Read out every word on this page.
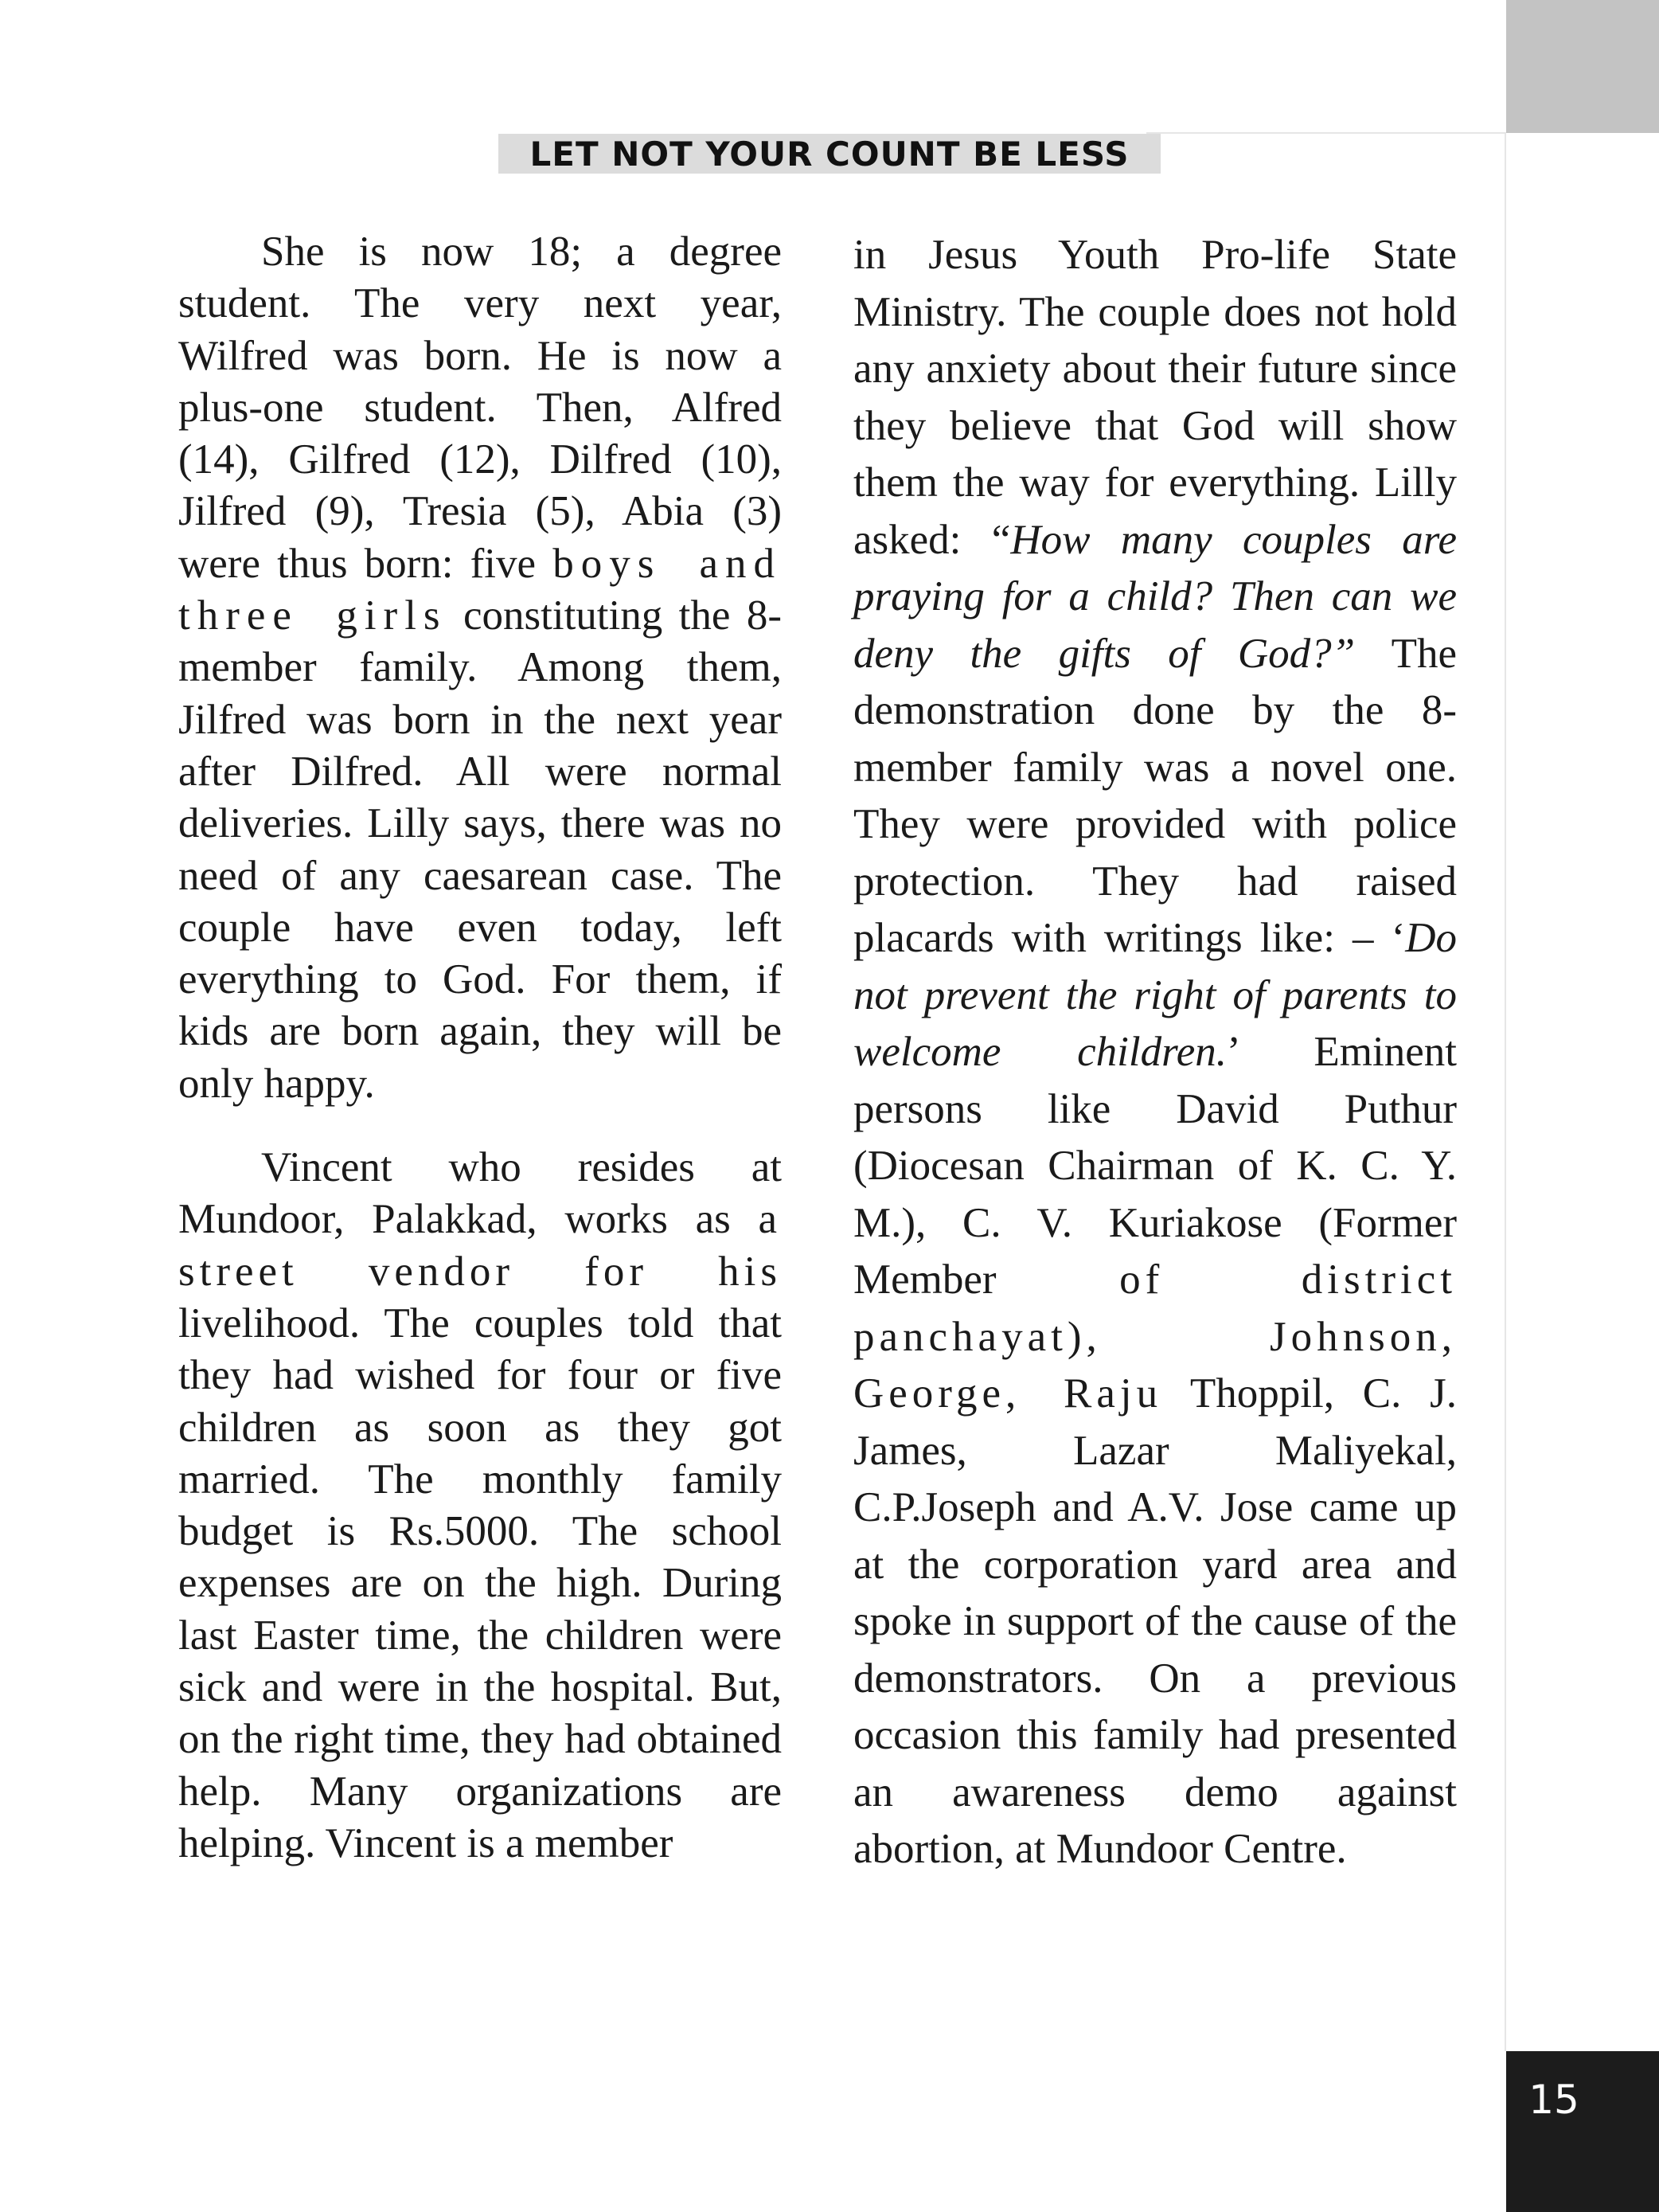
LET NOT YOUR COUNT BE LESS

She is now 18; a degree student. The very next year, Wilfred was born. He is now a plus-one student. Then, Alfred (14), Gilfred (12), Dilfred (10), Jilfred (9), Tresia (5), Abia (3) were thus born: five boys and three girls constituting the 8-member family. Among them, Jilfred was born in the next year after Dilfred. All were normal deliveries. Lilly says, there was no need of any caesarean case. The couple have even today, left everything to God. For them, if kids are born again, they will be only happy.

Vincent who resides at Mundoor, Palakkad, works as a street vendor for his livelihood. The couples told that they had wished for four or five children as soon as they got married. The monthly family budget is Rs.5000. The school expenses are on the high. During last Easter time, the children were sick and were in the hospital. But, on the right time, they had obtained help. Many organizations are helping. Vincent is a member

in Jesus Youth Pro-life State Ministry. The couple does not hold any anxiety about their future since they believe that God will show them the way for everything. Lilly asked: “How many couples are praying for a child? Then can we deny the gifts of God?” The demonstration done by the 8-member family was a novel one. They were provided with police protection. They had raised placards with writings like: – ‘Do not prevent the right of parents to welcome children.’ Eminent persons like David Puthur (Diocesan Chairman of K. C. Y. M.), C. V. Kuriakose (Former Member of district panchayat),	Johnson, George, Raju Thoppil, C. J. James, Lazar Maliyekal, C.P.Joseph and A.V. Jose came up at the corporation yard area and spoke in support of the cause of the demonstrators. On a previous occasion this family had presented an awareness demo against abortion, at Mundoor Centre.

15
